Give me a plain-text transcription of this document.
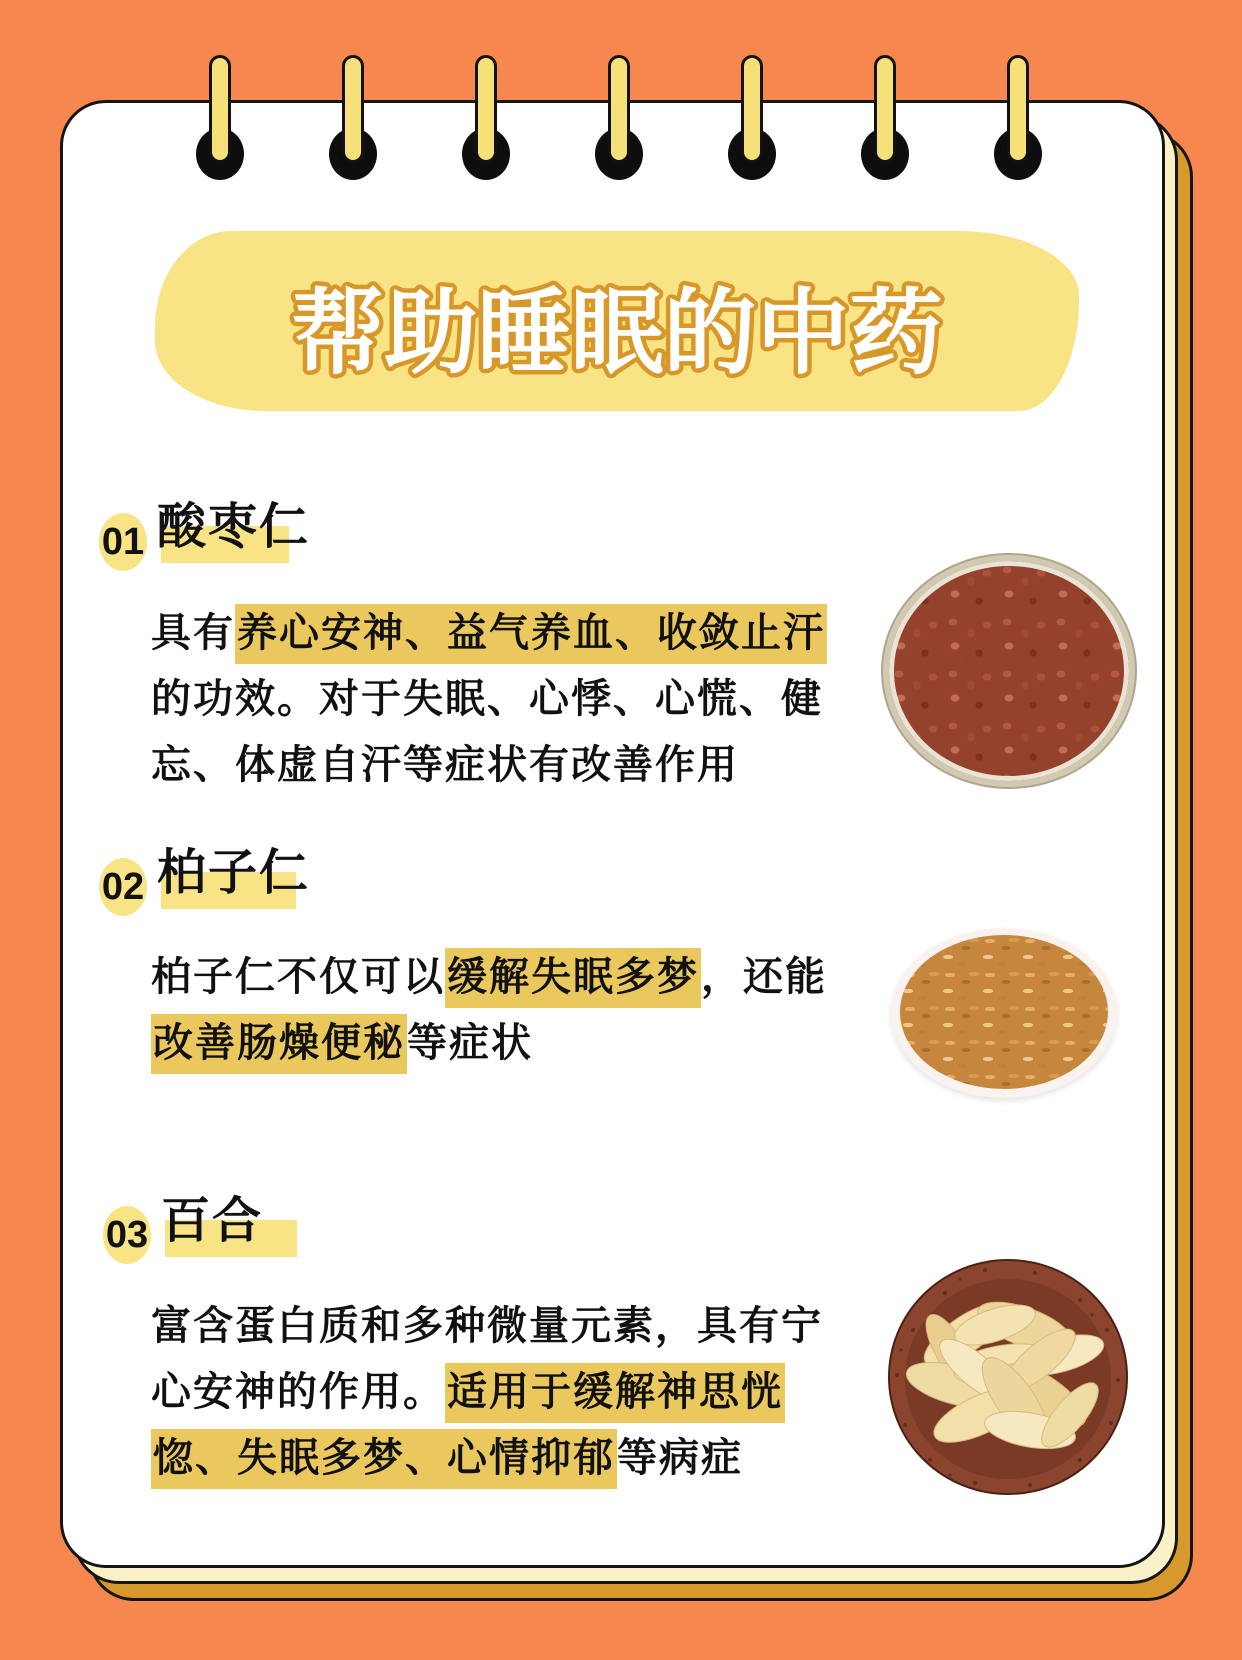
帮助睡眠的中药
01 酸枣仁
具有养心安神、益气养血、收敛止汗
的功效。对于失眠、心悸、心慌、健
忘、体虚自汗等症状有改善作用
02 柏子仁
柏子仁不仅可以缓解失眠多梦，还能
改善肠燥便秘等症状
03 百合
富含蛋白质和多种微量元素，具有宁
心安神的作用。适用于缓解神思恍
惚、失眠多梦、心情抑郁等病症
